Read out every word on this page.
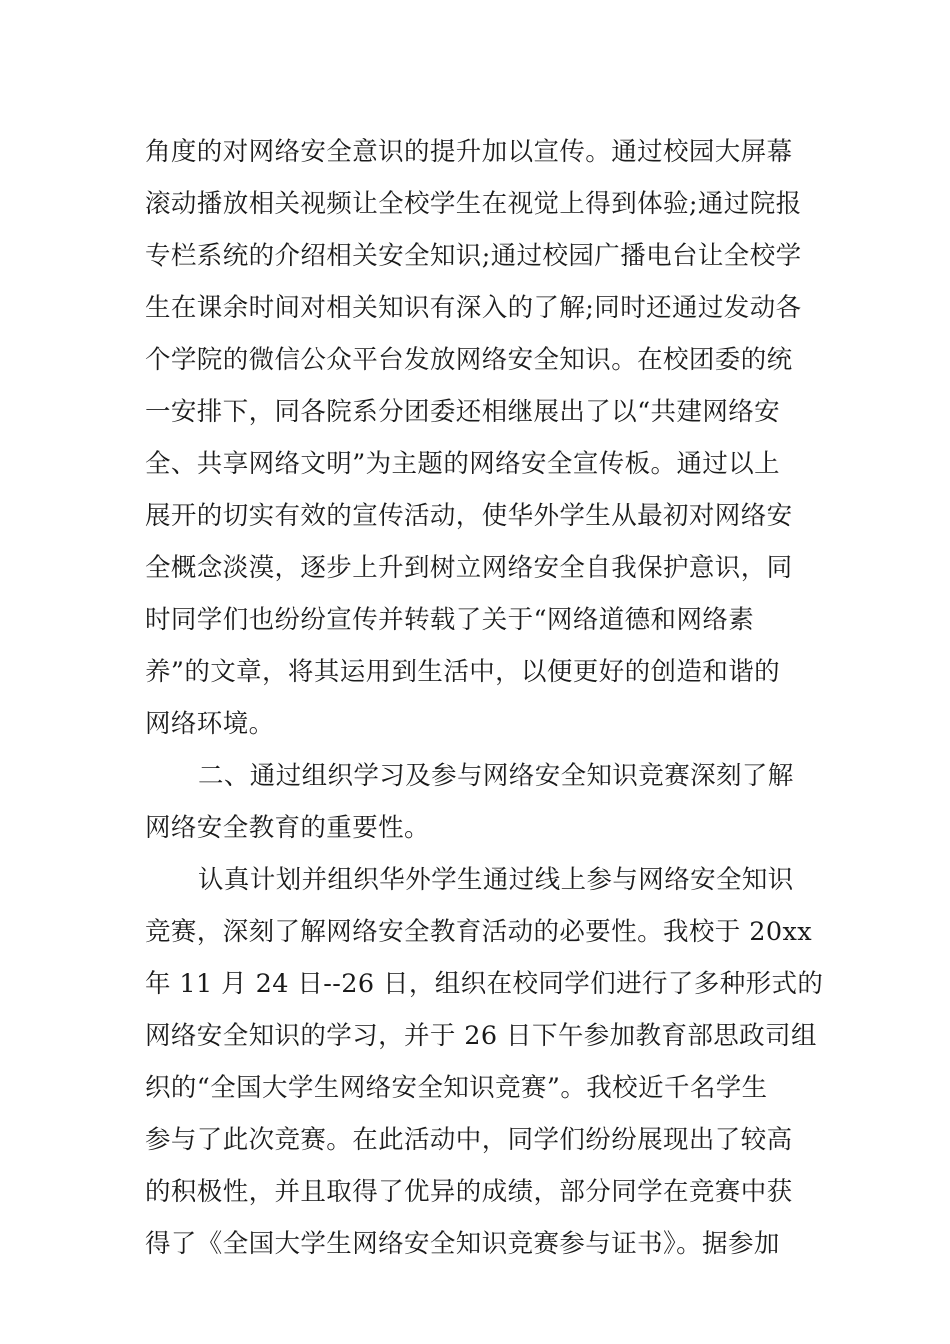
角度的对网络安全意识的提升加以宣传。通过校园大屏幕
滚动播放相关视频让全校学生在视觉上得到体验;通过院报
专栏系统的介绍相关安全知识;通过校园广播电台让全校学
生在课余时间对相关知识有深入的了解;同时还通过发动各
个学院的微信公众平台发放网络安全知识。在校团委的统
一安排下，同各院系分团委还相继展出了以“共建网络安
全、共享网络文明”为主题的网络安全宣传板。通过以上
展开的切实有效的宣传活动，使华外学生从最初对网络安
全概念淡漠，逐步上升到树立网络安全自我保护意识，同
时同学们也纷纷宣传并转载了关于“网络道德和网络素
养”的文章，将其运用到生活中，以便更好的创造和谐的
网络环境。
二、通过组织学习及参与网络安全知识竞赛深刻了解
网络安全教育的重要性。
认真计划并组织华外学生通过线上参与网络安全知识
竞赛，深刻了解网络安全教育活动的必要性。我校于 20xx
年 11 月 24 日--26 日，组织在校同学们进行了多种形式的
网络安全知识的学习，并于 26 日下午参加教育部思政司组
织的“全国大学生网络安全知识竞赛”。我校近千名学生
参与了此次竞赛。在此活动中，同学们纷纷展现出了较高
的积极性，并且取得了优异的成绩，部分同学在竞赛中获
得了《全国大学生网络安全知识竞赛参与证书》。据参加
